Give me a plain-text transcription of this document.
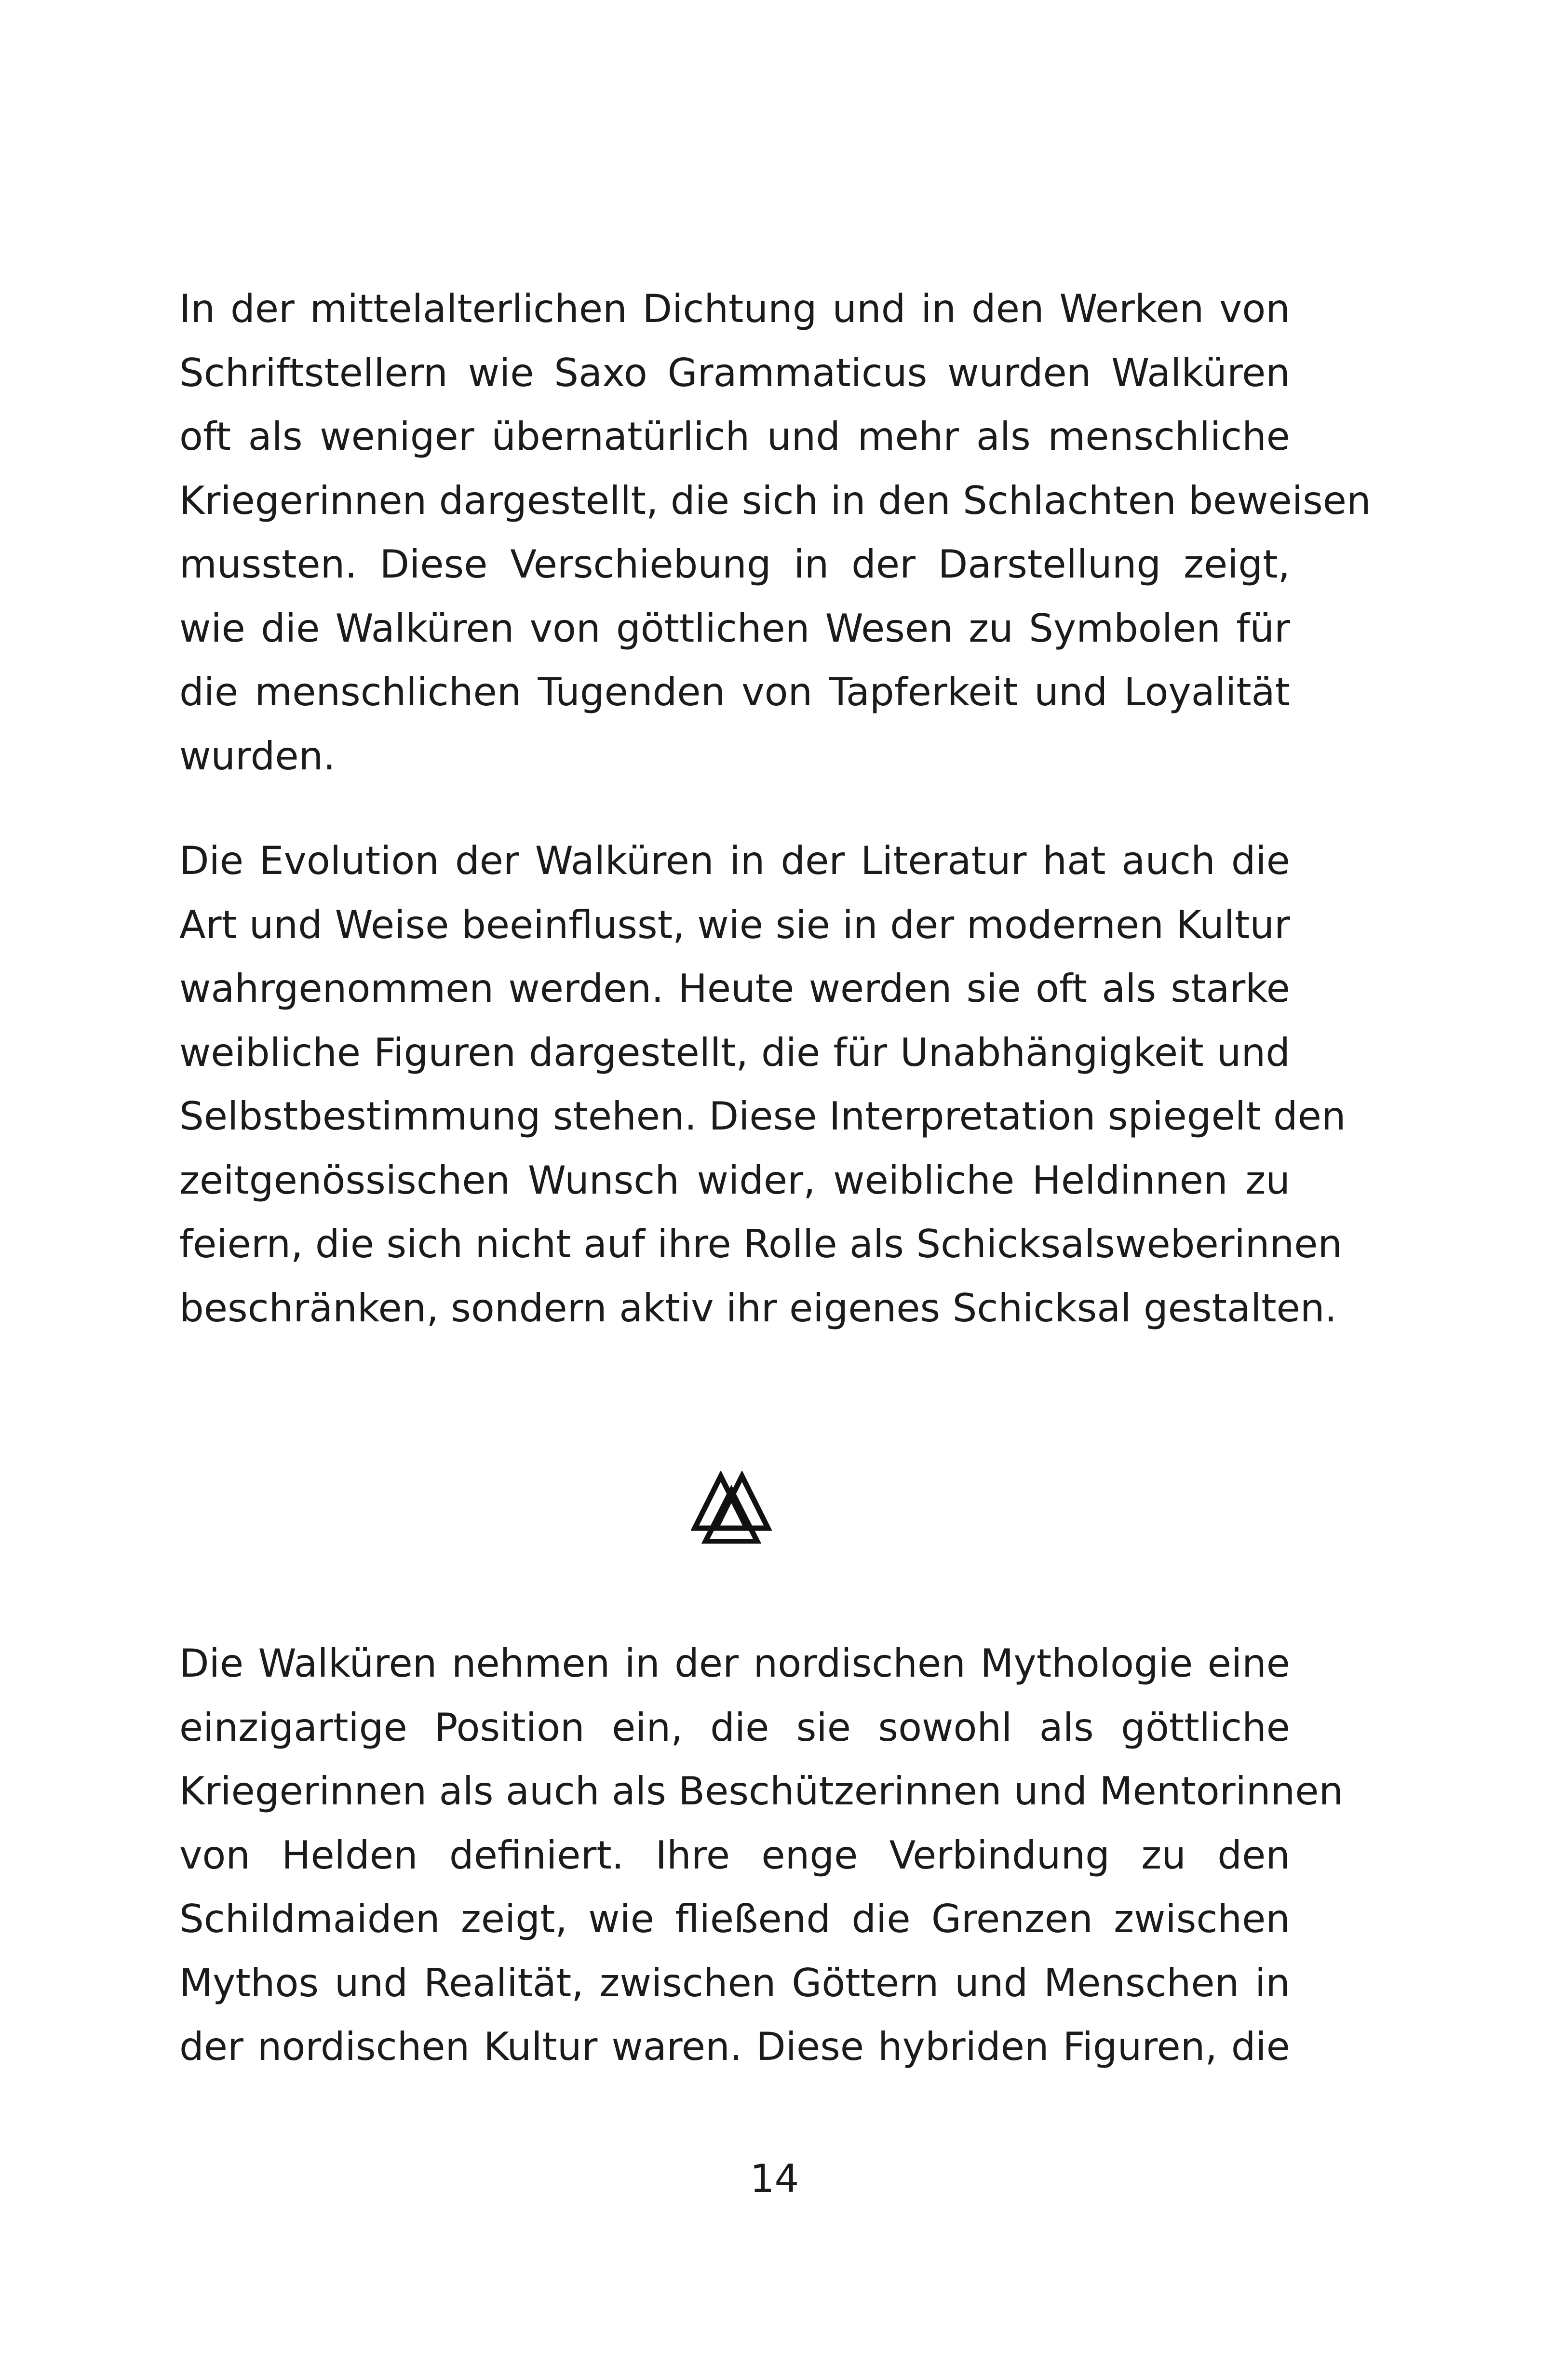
In der mittelalterlichen Dichtung und in den Werken von
Schriftstellern wie Saxo Grammaticus wurden Walküren
oft als weniger übernatürlich und mehr als menschliche
Kriegerinnen dargestellt, die sich in den Schlachten beweisen
mussten. Diese Verschiebung in der Darstellung zeigt,
wie die Walküren von göttlichen Wesen zu Symbolen für
die menschlichen Tugenden von Tapferkeit und Loyalität
wurden.

Die Evolution der Walküren in der Literatur hat auch die
Art und Weise beeinflusst, wie sie in der modernen Kultur
wahrgenommen werden. Heute werden sie oft als starke
weibliche Figuren dargestellt, die für Unabhängigkeit und
Selbstbestimmung stehen. Diese Interpretation spiegelt den
zeitgenössischen Wunsch wider, weibliche Heldinnen zu
feiern, die sich nicht auf ihre Rolle als Schicksalsweberinnen
beschränken, sondern aktiv ihr eigenes Schicksal gestalten.

Die Walküren nehmen in der nordischen Mythologie eine
einzigartige Position ein, die sie sowohl als göttliche
Kriegerinnen als auch als Beschützerinnen und Mentorinnen
von Helden definiert. Ihre enge Verbindung zu den
Schildmaiden zeigt, wie fließend die Grenzen zwischen
Mythos und Realität, zwischen Göttern und Menschen in
der nordischen Kultur waren. Diese hybriden Figuren, die

14
